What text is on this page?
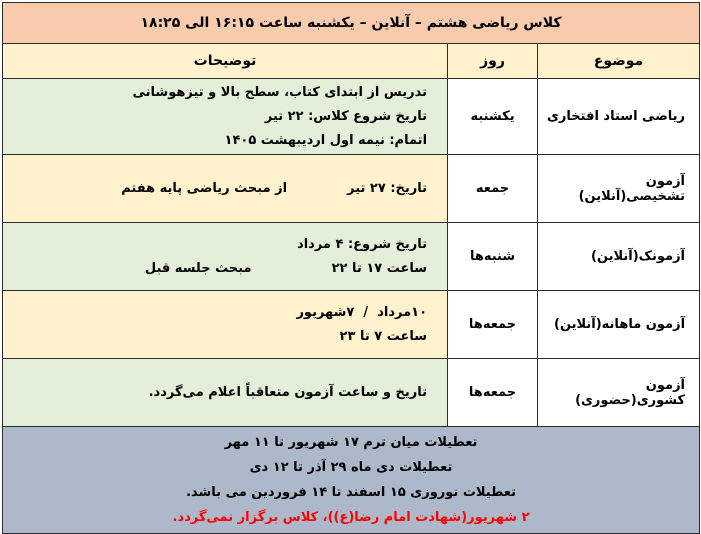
کلاس ریاضی هشتم – آنلاین – یکشنبه ساعت ۱۶:۱۵ الی ۱۸:۲۵		
موضوع	روز	توضیحات
ریاضی استاد افتخاری	یکشنبه	تدریس از ابتدای کتاب، سطح بالا و تیزهوشانی
تاریخ شروع کلاس: ۲۲ تیر
اتمام: نیمه اول اردیبهشت ۱۴۰۵

آزمون تشخیصی(آنلاین)	جمعه	تاریخ: ۲۷ تیر
از مبحث ریاضی پایه هفتم

آزمونک(آنلاین)	شنبه‌ها	تاریخ شروع: ۴ مرداد
ساعت ۱۷ تا ۲۲
مبحث جلسه قبل

آزمون ماهانه(آنلاین)	جمعه‌ها	۱۰مرداد  /  ۷شهریور
ساعت ۷ تا ۲۳

آزمون کشوری(حضوری)	جمعه‌ها	تاریخ و ساعت آزمون متعاقباً اعلام می‌گردد.

تعطیلات میان ترم ۱۷ شهریور تا ۱۱ مهر
تعطیلات دی ماه ۲۹ آذر تا ۱۲ دی
تعطیلات نوروزی ۱۵ اسفند تا ۱۴ فروردین می باشد.
۲ شهریور(شهادت امام رضا(ع))، کلاس برگزار نمی‌گردد.		
